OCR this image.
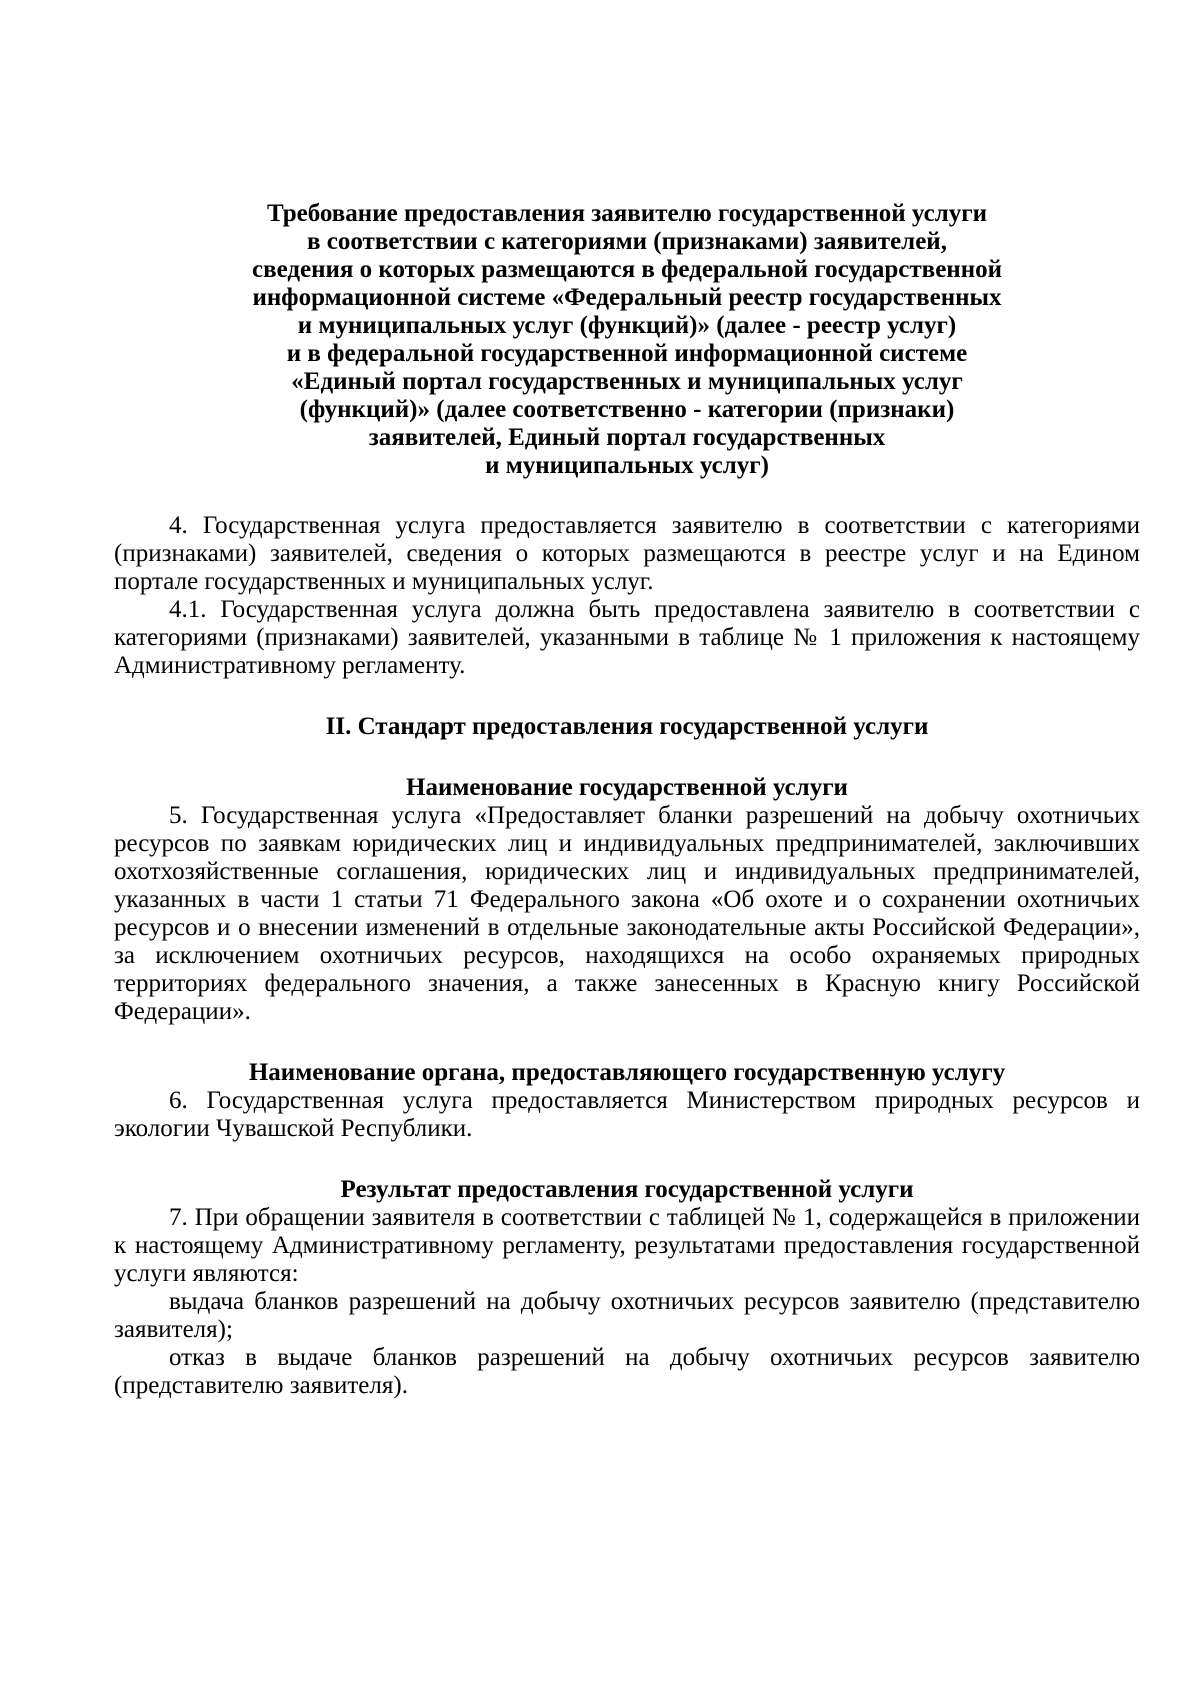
Требование предоставления заявителю государственной услуги
в соответствии с категориями (признаками) заявителей,
сведения о которых размещаются в федеральной государственной
информационной системе «Федеральный реестр государственных
и муниципальных услуг (функций)» (далее - реестр услуг)
и в федеральной государственной информационной системе
«Единый портал государственных и муниципальных услуг
(функций)» (далее соответственно - категории (признаки)
заявителей, Единый портал государственных
и муниципальных услуг)

4. Государственная услуга предоставляется заявителю в соответствии с категориями (признаками) заявителей, сведения о которых размещаются в реестре услуг и на Едином портале государственных и муниципальных услуг.

4.1. Государственная услуга должна быть предоставлена заявителю в соответствии с категориями (признаками) заявителей, указанными в таблице № 1 приложения к настоящему Административному регламенту.

II. Стандарт предоставления государственной услуги
Наименование государственной услуги

5. Государственная услуга «Предоставляет бланки разрешений на добычу охотничьих ресурсов по заявкам юридических лиц и индивидуальных предпринимателей, заключивших охотхозяйственные соглашения, юридических лиц и индивидуальных предпринимателей, указанных в части 1 статьи 71 Федерального закона «Об охоте и о сохранении охотничьих ресурсов и о внесении изменений в отдельные законодательные акты Российской Федерации», за исключением охотничьих ресурсов, находящихся на особо охраняемых природных территориях федерального значения, а также занесенных в Красную книгу Российской Федерации».

Наименование органа, предоставляющего государственную услугу

6. Государственная услуга предоставляется Министерством природных ресурсов и экологии Чувашской Республики.

Результат предоставления государственной услуги

7. При обращении заявителя в соответствии с таблицей № 1, содержащейся в приложении к настоящему Административному регламенту, результатами предоставления государственной услуги являются:

выдача бланков разрешений на добычу охотничьих ресурсов заявителю (представителю заявителя);

отказ в выдаче бланков разрешений на добычу охотничьих ресурсов заявителю (представителю заявителя).
